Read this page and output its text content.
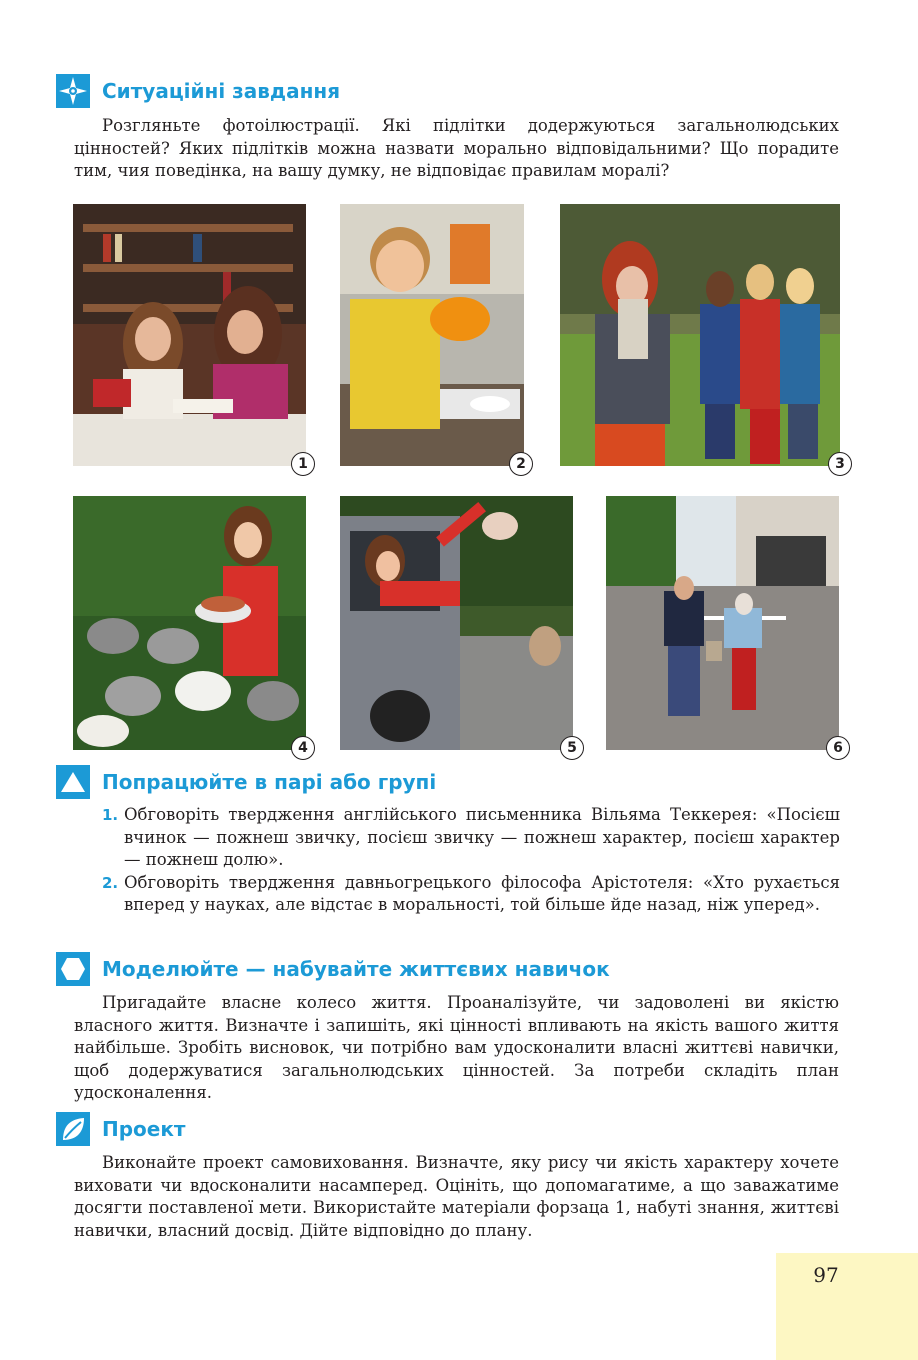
Ситуаційні завдання

Розгляньте фотоілюстрації. Які підлітки додержуються загальнолюдських цінностей? Яких підлітків можна назвати морально відповідальними? Що порадите тим, чия поведінка, на вашу думку, не відповідає правилам моралі?

1	2	3
4	5	6
Попрацюйте в парі або групі
1. Обговоріть твердження англійського письменника Вільяма Теккерея: «Посієш вчинок — пожнеш звичку, посієш звичку — пожнеш характер, посієш характер — пожнеш долю».
2. Обговоріть твердження давньогрецького філософа Арістотеля: «Хто рухається вперед у науках, але відстає в моральності, той більше йде назад, ніж уперед».
Моделюйте — набувайте життєвих навичок

Пригадайте власне колесо життя. Проаналізуйте, чи задоволені ви якістю власного життя. Визначте і запишіть, які цінності впливають на якість вашого життя найбільше. Зробіть висновок, чи потрібно вам удосконалити власні життєві навички, щоб додержуватися загальнолюдських цінностей. За потреби складіть план удосконалення.

Проект

Виконайте проект самовиховання. Визначте, яку рису чи якість характеру хочете виховати чи вдосконалити насамперед. Оцініть, що допомагатиме, а що заважатиме досягти поставленої мети. Використайте матеріали форзаца 1, набуті знання, життєві навички, власний досвід. Дійте відповідно до плану.

97
